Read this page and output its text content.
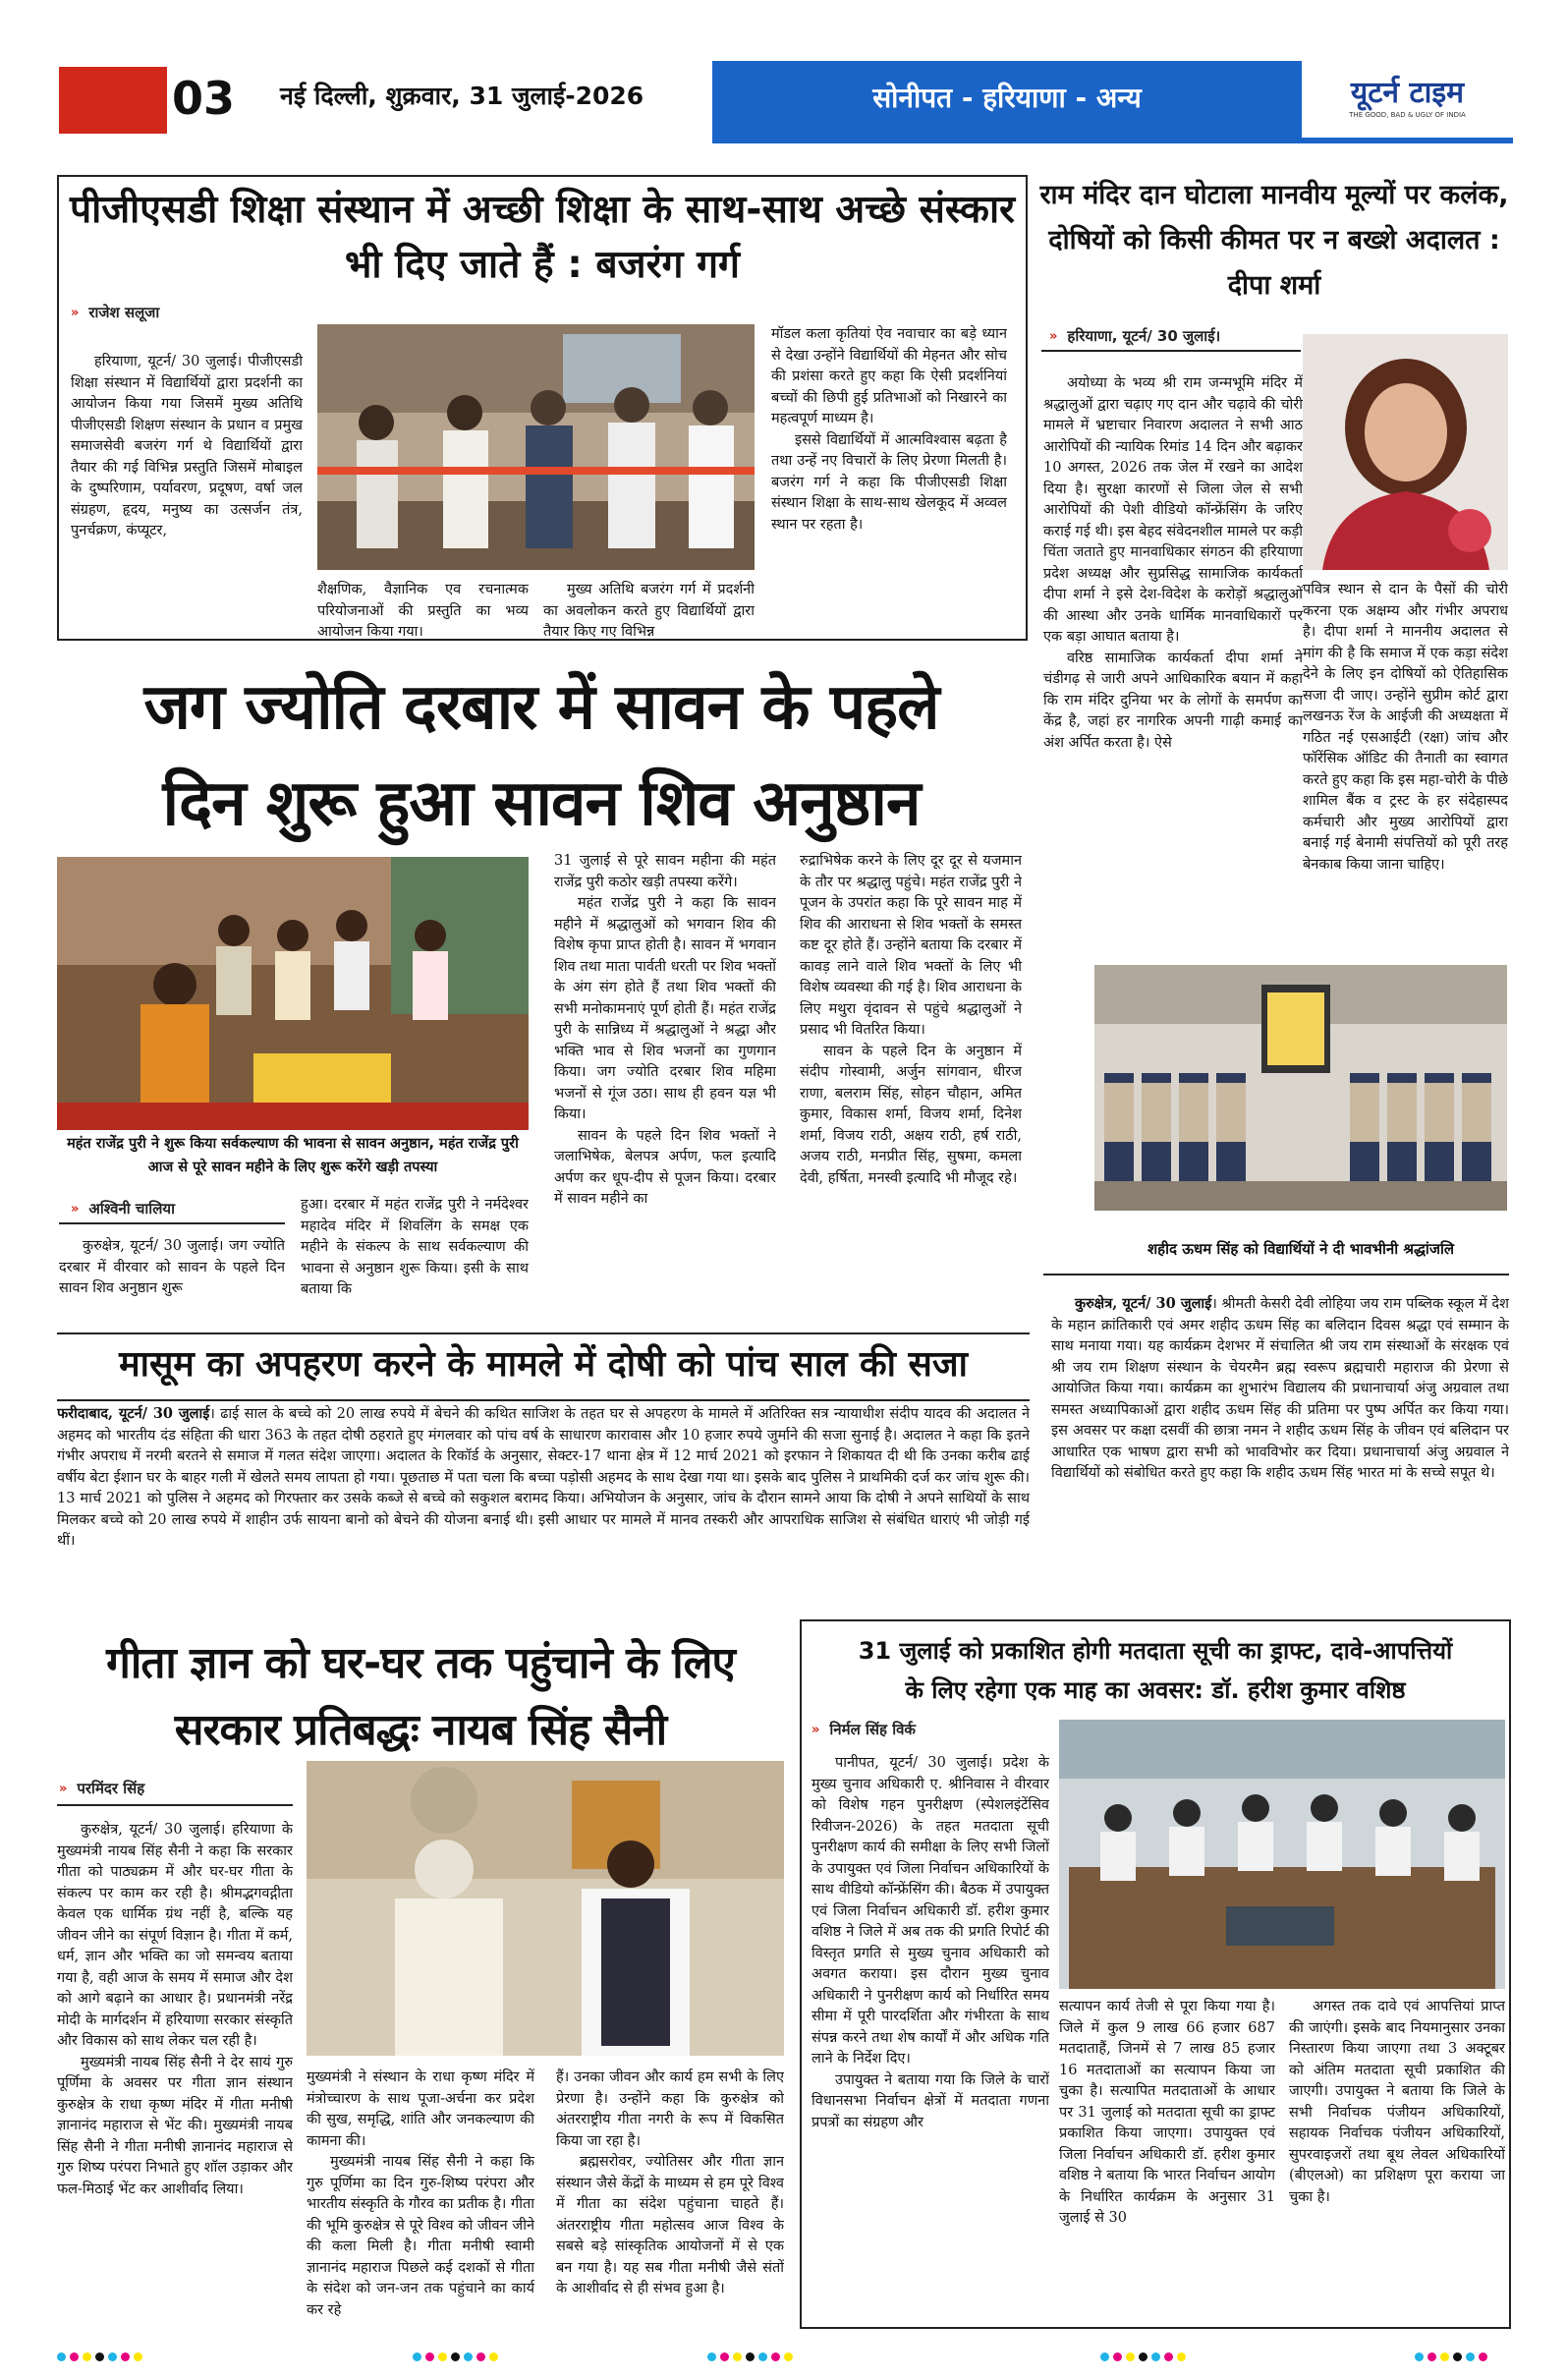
03	नई दिल्ली, शुक्रवार, 31 जुलाई-2026	सोनीपत - हरियाणा - अन्य	यूटर्न टाइम
THE GOOD, BAD & UGLY OF INDIA
पीजीएसडी शिक्षा संस्थान में अच्छी शिक्षा के साथ-साथ अच्छे संस्कार भी दिए जाते हैं : बजरंग गर्ग
» राजेश सलूजा
हरियाणा, यूटर्न/ 30 जुलाई। पीजीएसडी शिक्षा संस्थान में विद्यार्थियों द्वारा प्रदर्शनी का आयोजन किया गया जिसमें मुख्य अतिथि पीजीएसडी शिक्षण संस्थान के प्रधान व प्रमुख समाजसेवी बजरंग गर्ग थे विद्यार्थियों द्वारा तैयार की गई विभिन्न प्रस्तुति जिसमें मोबाइल के दुष्परिणाम, पर्यावरण, प्रदूषण, वर्षा जल संग्रहण, हृदय, मनुष्य का उत्सर्जन तंत्र, पुनर्चक्रण, कंप्यूटर,
शैक्षणिक, वैज्ञानिक एव रचनात्मक परियोजनाओं की प्रस्तुति का भव्य आयोजन किया गया।
मुख्य अतिथि बजरंग गर्ग में प्रदर्शनी का अवलोकन करते हुए विद्यार्थियों द्वारा तैयार किए गए विभिन्न
मॉडल कला कृतियां ऐव नवाचार का बड़े ध्यान से देखा उन्होंने विद्यार्थियों की मेहनत और सोच की प्रशंसा करते हुए कहा कि ऐसी प्रदर्शनियां बच्चों की छिपी हुई प्रतिभाओं को निखारने का महत्वपूर्ण माध्यम है।

इससे विद्यार्थियों में आत्मविश्वास बढ़ता है तथा उन्हें नए विचारों के लिए प्रेरणा मिलती है। बजरंग गर्ग ने कहा कि पीजीएसडी शिक्षा संस्थान शिक्षा के साथ-साथ खेलकूद में अव्वल स्थान पर रहता है।

राम मंदिर दान घोटाला मानवीय मूल्यों पर कलंक, दोषियों को किसी कीमत पर न बख्शे अदालत : दीपा शर्मा
» हरियाणा, यूटर्न/ 30 जुलाई।

अयोध्या के भव्य श्री राम जन्मभूमि मंदिर में श्रद्धालुओं द्वारा चढ़ाए गए दान और चढ़ावे की चोरी मामले में भ्रष्टाचार निवारण अदालत ने सभी आठ आरोपियों की न्यायिक रिमांड 14 दिन और बढ़ाकर 10 अगस्त, 2026 तक जेल में रखने का आदेश दिया है। सुरक्षा कारणों से जिला जेल से सभी आरोपियों की पेशी वीडियो कॉन्फ्रेंसिंग के जरिए कराई गई थी। इस बेहद संवेदनशील मामले पर कड़ी चिंता जताते हुए मानवाधिकार संगठन की हरियाणा प्रदेश अध्यक्ष और सुप्रसिद्ध सामाजिक कार्यकर्ता दीपा शर्मा ने इसे देश-विदेश के करोड़ों श्रद्धालुओं की आस्था और उनके धार्मिक मानवाधिकारों पर एक बड़ा आघात बताया है।

वरिष्ठ सामाजिक कार्यकर्ता दीपा शर्मा ने चंडीगढ़ से जारी अपने आधिकारिक बयान में कहा कि राम मंदिर दुनिया भर के लोगों के समर्पण का केंद्र है, जहां हर नागरिक अपनी गाढ़ी कमाई का अंश अर्पित करता है। ऐसे

पवित्र स्थान से दान के पैसों की चोरी करना एक अक्षम्य और गंभीर अपराध है। दीपा शर्मा ने माननीय अदालत से मांग की है कि समाज में एक कड़ा संदेश देने के लिए इन दोषियों को ऐतिहासिक सजा दी जाए। उन्होंने सुप्रीम कोर्ट द्वारा लखनऊ रेंज के आईजी की अध्यक्षता में गठित नई एसआईटी (रक्षा) जांच और फॉरेंसिक ऑडिट की तैनाती का स्वागत करते हुए कहा कि इस महा-चोरी के पीछे शामिल बैंक व ट्रस्ट के हर संदेहास्पद कर्मचारी और मुख्य आरोपियों द्वारा बनाई गई बेनामी संपत्तियों को पूरी तरह बेनकाब किया जाना चाहिए।
जग ज्योति दरबार में सावन के पहले
दिन शुरू हुआ सावन शिव अनुष्ठान
महंत राजेंद्र पुरी ने शुरू किया सर्वकल्याण की भावना से सावन अनुष्ठान, महंत राजेंद्र पुरी आज से पूरे सावन महीने के लिए शुरू करेंगे खड़ी तपस्या
» अश्विनी चालिया
कुरुक्षेत्र, यूटर्न/ 30 जुलाई। जग ज्योति दरबार में वीरवार को सावन के पहले दिन सावन शिव अनुष्ठान शुरू
हुआ। दरबार में महंत राजेंद्र पुरी ने नर्मदेश्वर महादेव मंदिर में शिवलिंग के समक्ष एक महीने के संकल्प के साथ सर्वकल्याण की भावना से अनुष्ठान शुरू किया। इसी के साथ बताया कि
31 जुलाई से पूरे सावन महीना की महंत राजेंद्र पुरी कठोर खड़ी तपस्या करेंगे।

महंत राजेंद्र पुरी ने कहा कि सावन महीने में श्रद्धालुओं को भगवान शिव की विशेष कृपा प्राप्त होती है। सावन में भगवान शिव तथा माता पार्वती धरती पर शिव भक्तों के अंग संग होते हैं तथा शिव भक्तों की सभी मनोकामनाएं पूर्ण होती हैं। महंत राजेंद्र पुरी के सान्निध्य में श्रद्धालुओं ने श्रद्धा और भक्ति भाव से शिव भजनों का गुणगान किया। जग ज्योति दरबार शिव महिमा भजनों से गूंज उठा। साथ ही हवन यज्ञ भी किया।

सावन के पहले दिन शिव भक्तों ने जलाभिषेक, बेलपत्र अर्पण, फल इत्यादि अर्पण कर धूप-दीप से पूजन किया। दरबार में सावन महीने का

रुद्राभिषेक करने के लिए दूर दूर से यजमान के तौर पर श्रद्धालु पहुंचे। महंत राजेंद्र पुरी ने पूजन के उपरांत कहा कि पूरे सावन माह में शिव की आराधना से शिव भक्तों के समस्त कष्ट दूर होते हैं। उन्होंने बताया कि दरबार में कावड़ लाने वाले शिव भक्तों के लिए भी विशेष व्यवस्था की गई है। शिव आराधना के लिए मथुरा वृंदावन से पहुंचे श्रद्धालुओं ने प्रसाद भी वितरित किया।

सावन के पहले दिन के अनुष्ठान में संदीप गोस्वामी, अर्जुन सांगवान, धीरज राणा, बलराम सिंह, सोहन चौहान, अमित कुमार, विकास शर्मा, विजय शर्मा, दिनेश शर्मा, विजय राठी, अक्षय राठी, हर्ष राठी, अजय राठी, मनप्रीत सिंह, सुषमा, कमला देवी, हर्षिता, मनस्वी इत्यादि भी मौजूद रहे।

शहीद ऊधम सिंह को विद्यार्थियों ने दी भावभीनी श्रद्धांजलि

कुरुक्षेत्र, यूटर्न/ 30 जुलाई। श्रीमती केसरी देवी लोहिया जय राम पब्लिक स्कूल में देश के महान क्रांतिकारी एवं अमर शहीद ऊधम सिंह का बलिदान दिवस श्रद्धा एवं सम्मान के साथ मनाया गया। यह कार्यक्रम देशभर में संचालित श्री जय राम संस्थाओं के संरक्षक एवं श्री जय राम शिक्षण संस्थान के चेयरमैन ब्रह्म स्वरूप ब्रह्मचारी महाराज की प्रेरणा से आयोजित किया गया। कार्यक्रम का शुभारंभ विद्यालय की प्रधानाचार्या अंजु अग्रवाल तथा समस्त अध्यापिकाओं द्वारा शहीद ऊधम सिंह की प्रतिमा पर पुष्प अर्पित कर किया गया। इस अवसर पर कक्षा दसवीं की छात्रा नमन ने शहीद ऊधम सिंह के जीवन एवं बलिदान पर आधारित एक भाषण द्वारा सभी को भावविभोर कर दिया। प्रधानाचार्या अंजु अग्रवाल ने विद्यार्थियों को संबोधित करते हुए कहा कि शहीद ऊधम सिंह भारत मां के सच्चे सपूत थे।

मासूम का अपहरण करने के मामले में दोषी को पांच साल की सजा

फरीदाबाद, यूटर्न/ 30 जुलाई। ढाई साल के बच्चे को 20 लाख रुपये में बेचने की कथित साजिश के तहत घर से अपहरण के मामले में अतिरिक्त सत्र न्यायाधीश संदीप यादव की अदालत ने अहमद को भारतीय दंड संहिता की धारा 363 के तहत दोषी ठहराते हुए मंगलवार को पांच वर्ष के साधारण कारावास और 10 हजार रुपये जुर्माने की सजा सुनाई है। अदालत ने कहा कि इतने गंभीर अपराध में नरमी बरतने से समाज में गलत संदेश जाएगा। अदालत के रिकॉर्ड के अनुसार, सेक्टर-17 थाना क्षेत्र में 12 मार्च 2021 को इरफान ने शिकायत दी थी कि उनका करीब ढाई वर्षीय बेटा ईशान घर के बाहर गली में खेलते समय लापता हो गया। पूछताछ में पता चला कि बच्चा पड़ोसी अहमद के साथ देखा गया था। इसके बाद पुलिस ने प्राथमिकी दर्ज कर जांच शुरू की। 13 मार्च 2021 को पुलिस ने अहमद को गिरफ्तार कर उसके कब्जे से बच्चे को सकुशल बरामद किया। अभियोजन के अनुसार, जांच के दौरान सामने आया कि दोषी ने अपने साथियों के साथ मिलकर बच्चे को 20 लाख रुपये में शाहीन उर्फ सायना बानो को बेचने की योजना बनाई थी। इसी आधार पर मामले में मानव तस्करी और आपराधिक साजिश से संबंधित धाराएं भी जोड़ी गई थीं।

गीता ज्ञान को घर-घर तक पहुंचाने के लिए
सरकार प्रतिबद्धः नायब सिंह सैनी
» परमिंदर सिंह

कुरुक्षेत्र, यूटर्न/ 30 जुलाई। हरियाणा के मुख्यमंत्री नायब सिंह सैनी ने कहा कि सरकार गीता को पाठ्यक्रम में और घर-घर गीता के संकल्प पर काम कर रही है। श्रीमद्भगवद्गीता केवल एक धार्मिक ग्रंथ नहीं है, बल्कि यह जीवन जीने का संपूर्ण विज्ञान है। गीता में कर्म, धर्म, ज्ञान और भक्ति का जो समन्वय बताया गया है, वही आज के समय में समाज और देश को आगे बढ़ाने का आधार है। प्रधानमंत्री नरेंद्र मोदी के मार्गदर्शन में हरियाणा सरकार संस्कृति और विकास को साथ लेकर चल रही है।

मुख्यमंत्री नायब सिंह सैनी ने देर सायं गुरु पूर्णिमा के अवसर पर गीता ज्ञान संस्थान कुरुक्षेत्र के राधा कृष्ण मंदिर में गीता मनीषी ज्ञानानंद महाराज से भेंट की। मुख्यमंत्री नायब सिंह सैनी ने गीता मनीषी ज्ञानानंद महाराज से गुरु शिष्य परंपरा निभाते हुए शॉल उड़ाकर और फल-मिठाई भेंट कर आशीर्वाद लिया।

मुख्यमंत्री ने संस्थान के राधा कृष्ण मंदिर में मंत्रोच्चारण के साथ पूजा-अर्चना कर प्रदेश की सुख, समृद्धि, शांति और जनकल्याण की कामना की।

मुख्यमंत्री नायब सिंह सैनी ने कहा कि गुरु पूर्णिमा का दिन गुरु-शिष्य परंपरा और भारतीय संस्कृति के गौरव का प्रतीक है। गीता की भूमि कुरुक्षेत्र से पूरे विश्व को जीवन जीने की कला मिली है। गीता मनीषी स्वामी ज्ञानानंद महाराज पिछले कई दशकों से गीता के संदेश को जन-जन तक पहुंचाने का कार्य कर रहे

हैं। उनका जीवन और कार्य हम सभी के लिए प्रेरणा है। उन्होंने कहा कि कुरुक्षेत्र को अंतरराष्ट्रीय गीता नगरी के रूप में विकसित किया जा रहा है।

ब्रह्मसरोवर, ज्योतिसर और गीता ज्ञान संस्थान जैसे केंद्रों के माध्यम से हम पूरे विश्व में गीता का संदेश पहुंचाना चाहते हैं। अंतरराष्ट्रीय गीता महोत्सव आज विश्व के सबसे बड़े सांस्कृतिक आयोजनों में से एक बन गया है। यह सब गीता मनीषी जैसे संतों के आशीर्वाद से ही संभव हुआ है।

31 जुलाई को प्रकाशित होगी मतदाता सूची का ड्राफ्ट, दावे-आपत्तियों
के लिए रहेगा एक माह का अवसर: डॉ. हरीश कुमार वशिष्ठ
» निर्मल सिंह विर्क

पानीपत, यूटर्न/ 30 जुलाई। प्रदेश के मुख्य चुनाव अधिकारी ए. श्रीनिवास ने वीरवार को विशेष गहन पुनरीक्षण (स्पेशलइंटेंसिव रिवीजन-2026) के तहत मतदाता सूची पुनरीक्षण कार्य की समीक्षा के लिए सभी जिलों के उपायुक्त एवं जिला निर्वाचन अधिकारियों के साथ वीडियो कॉन्फ्रेंसिंग की। बैठक में उपायुक्त एवं जिला निर्वाचन अधिकारी डॉ. हरीश कुमार वशिष्ठ ने जिले में अब तक की प्रगति रिपोर्ट की विस्तृत प्रगति से मुख्य चुनाव अधिकारी को अवगत कराया। इस दौरान मुख्य चुनाव अधिकारी ने पुनरीक्षण कार्य को निर्धारित समय सीमा में पूरी पारदर्शिता और गंभीरता के साथ संपन्न करने तथा शेष कार्यों में और अधिक गति लाने के निर्देश दिए।

उपायुक्त ने बताया गया कि जिले के चारों विधानसभा निर्वाचन क्षेत्रों में मतदाता गणना प्रपत्रों का संग्रहण और

सत्यापन कार्य तेजी से पूरा किया गया है। जिले में कुल 9 लाख 66 हजार 687 मतदाताहैं, जिनमें से 7 लाख 85 हजार 16 मतदाताओं का सत्यापन किया जा चुका है। सत्यापित मतदाताओं के आधार पर 31 जुलाई को मतदाता सूची का ड्राफ्ट प्रकाशित किया जाएगा। उपायुक्त एवं जिला निर्वाचन अधिकारी डॉ. हरीश कुमार वशिष्ठ ने बताया कि भारत निर्वाचन आयोग के निर्धारित कार्यक्रम के अनुसार 31 जुलाई से 30
अगस्त तक दावे एवं आपत्तियां प्राप्त की जाएंगी। इसके बाद नियमानुसार उनका निस्तारण किया जाएगा तथा 3 अक्टूबर को अंतिम मतदाता सूची प्रकाशित की जाएगी। उपायुक्त ने बताया कि जिले के सभी निर्वाचक पंजीयन अधिकारियों, सहायक निर्वाचक पंजीयन अधिकारियों, सुपरवाइजरों तथा बूथ लेवल अधिकारियों (बीएलओ) का प्रशिक्षण पूरा कराया जा चुका है।
